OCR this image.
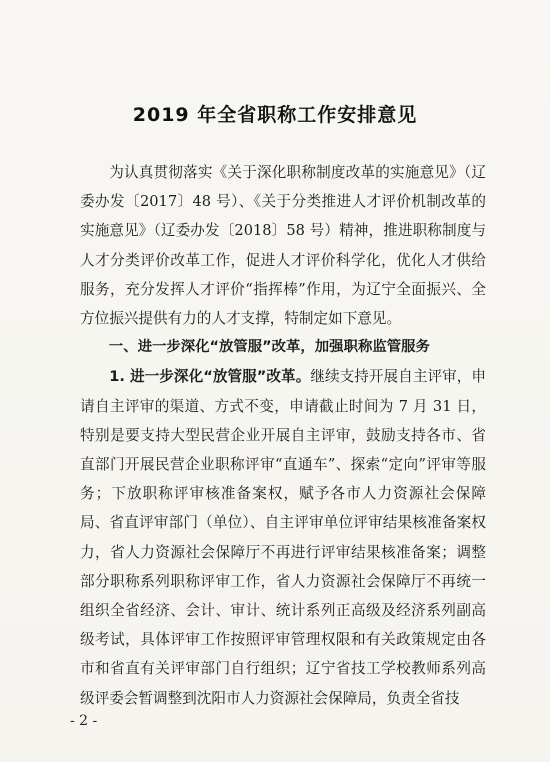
2019 年全省职称工作安排意见

为认真贯彻落实《关于深化职称制度改革的实施意见》（辽委办发〔2017〕48 号）、《关于分类推进人才评价机制改革的实施意见》（辽委办发〔2018〕58 号）精神，推进职称制度与人才分类评价改革工作，促进人才评价科学化，优化人才供给服务，充分发挥人才评价“指挥棒”作用，为辽宁全面振兴、全方位振兴提供有力的人才支撑，特制定如下意见。

一、进一步深化“放管服”改革，加强职称监管服务

1. 进一步深化“放管服”改革。继续支持开展自主评审，申请自主评审的渠道、方式不变，申请截止时间为 7 月 31 日，特别是要支持大型民营企业开展自主评审，鼓励支持各市、省直部门开展民营企业职称评审“直通车”、探索“定向”评审等服务；下放职称评审核准备案权，赋予各市人力资源社会保障局、省直评审部门（单位）、自主评审单位评审结果核准备案权力，省人力资源社会保障厅不再进行评审结果核准备案；调整部分职称系列职称评审工作，省人力资源社会保障厅不再统一组织全省经济、会计、审计、统计系列正高级及经济系列副高级考试，具体评审工作按照评审管理权限和有关政策规定由各市和省直有关评审部门自行组织；辽宁省技工学校教师系列高级评委会暂调整到沈阳市人力资源社会保障局，负责全省技

- 2 -
